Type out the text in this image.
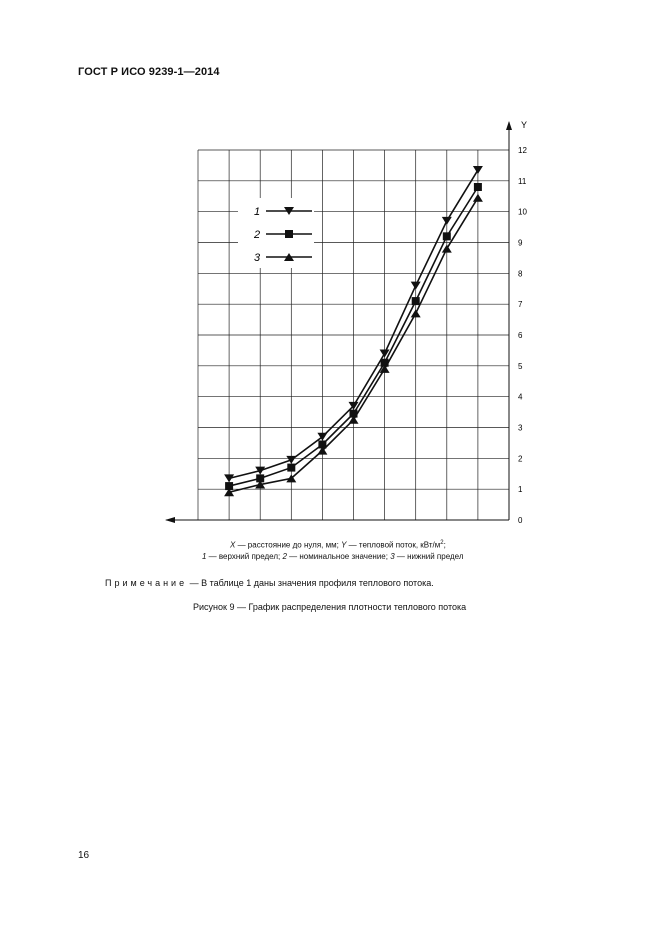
ГОСТ Р ИСО 9239-1—2014
Y
0
1
2
3
4
5
6
7
8
9
10
11
12
1
2
3
X — расстояние до нуля, мм; Y — тепловой поток, кВт/$м^2$;
1 — верхний предел; 2 — номинальное значение; 3 — нижний предел
Примечание — В таблице 1 даны значения профиля теплового потока.
Рисунок 9 — График распределения плотности теплового потока
16
